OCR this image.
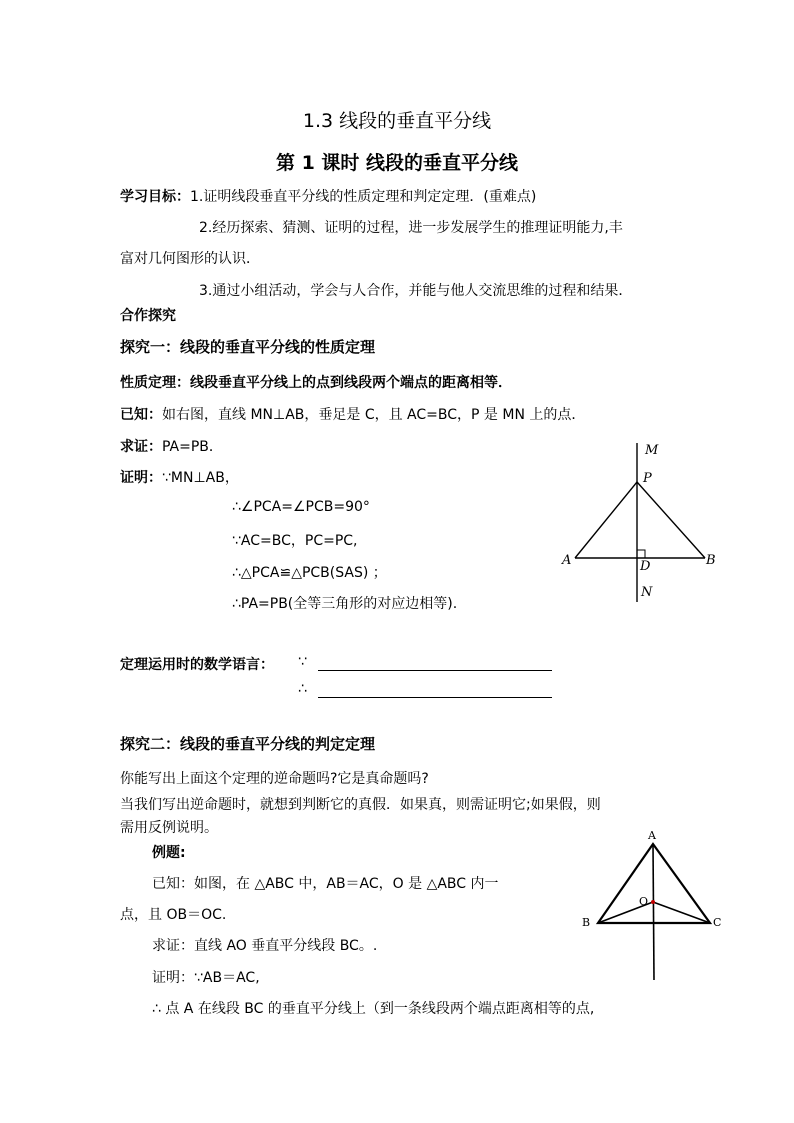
1.3 线段的垂直平分线
第 1 课时 线段的垂直平分线
学习目标：1.证明线段垂直平分线的性质定理和判定定理．(重难点)
2.经历探索、猜测、证明的过程，进一步发展学生的推理证明能力,丰
富对几何图形的认识．
3.通过小组活动，学会与人合作，并能与他人交流思维的过程和结果．
合作探究
探究一：线段的垂直平分线的性质定理
性质定理：线段垂直平分线上的点到线段两个端点的距离相等．
已知：如右图，直线 MN⊥AB，垂足是 C，且 AC=BC，P 是 MN 上的点．
求证：PA=PB．
证明：∵MN⊥AB，
∴∠PCA=∠PCB=90°
∵AC=BC，PC=PC,
∴△PCA≌△PCB(SAS) ；
∴PA=PB(全等三角形的对应边相等).
M
P
A	D	B
N
定理运用时的数学语言： ∵
∴
探究二：线段的垂直平分线的判定定理
你能写出上面这个定理的逆命题吗?它是真命题吗?
当我们写出逆命题时，就想到判断它的真假．如果真，则需证明它;如果假，则
需用反例说明。
例题:
已知：如图，在 △ABC 中，AB＝AC，O 是 △ABC 内一
点，且 OB＝OC.
求证：直线 AO 垂直平分线段 BC。.
证明：∵AB＝AC,
∴ 点 A 在线段 BC 的垂直平分线上（到一条线段两个端点距离相等的点,
A
O
B	C
